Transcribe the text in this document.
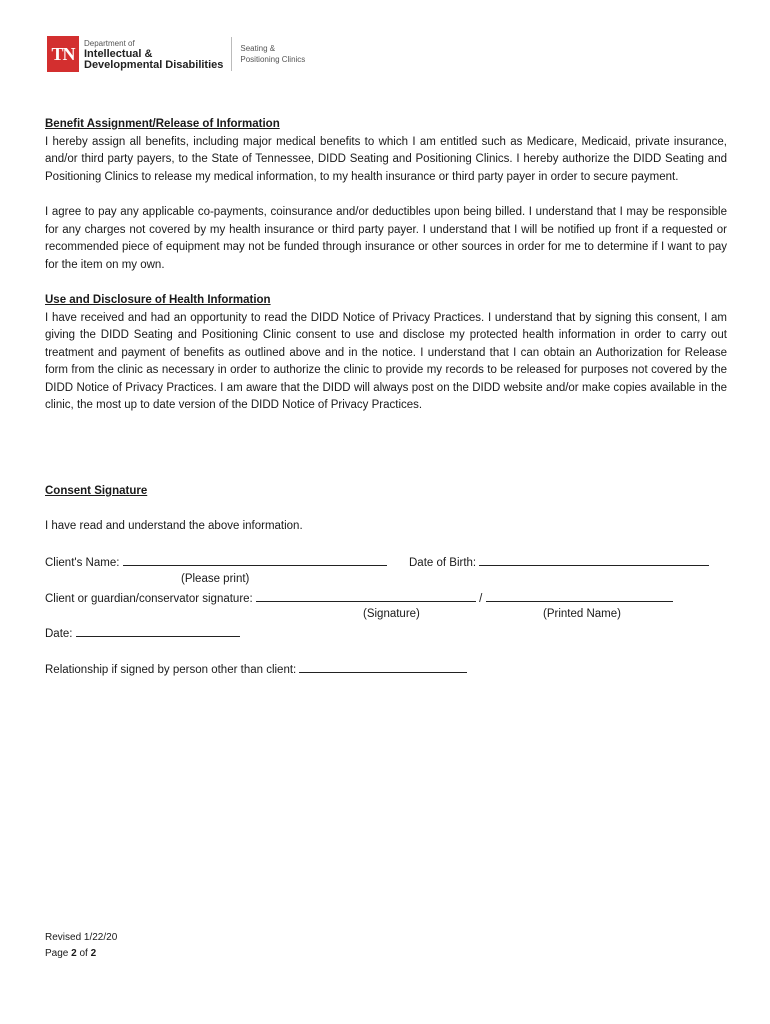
TN
Department of
Intellectual &
Developmental Disabilities
Seating &
Positioning Clinics
Benefit Assignment/Release of Information

I hereby assign all benefits, including major medical benefits to which I am entitled such as Medicare, Medicaid, private insurance, and/or third party payers, to the State of Tennessee, DIDD Seating and Positioning Clinics. I hereby authorize the DIDD Seating and Positioning Clinics to release my medical information, to my health insurance or third party payer in order to secure payment.

I agree to pay any applicable co-payments, coinsurance and/or deductibles upon being billed. I understand that I may be responsible for any charges not covered by my health insurance or third party payer. I understand that I will be notified up front if a requested or recommended piece of equipment may not be funded through insurance or other sources in order for me to determine if I want to pay for the item on my own.

Use and Disclosure of Health Information

I have received and had an opportunity to read the DIDD Notice of Privacy Practices. I understand that by signing this consent, I am giving the DIDD Seating and Positioning Clinic consent to use and disclose my protected health information in order to carry out treatment and payment of benefits as outlined above and in the notice. I understand that I can obtain an Authorization for Release form from the clinic as necessary in order to authorize the clinic to provide my records to be released for purposes not covered by the DIDD Notice of Privacy Practices. I am aware that the DIDD will always post on the DIDD website and/or make copies available in the clinic, the most up to date version of the DIDD Notice of Privacy Practices.

Consent Signature
I have read and understand the above information.
Client's Name:	Date of Birth:
(Please print)
Client or guardian/conservator signature:	/
(Signature)	(Printed Name)
Date:
Relationship if signed by person other than client:
Revised 1/22/20
Page 2 of 2
